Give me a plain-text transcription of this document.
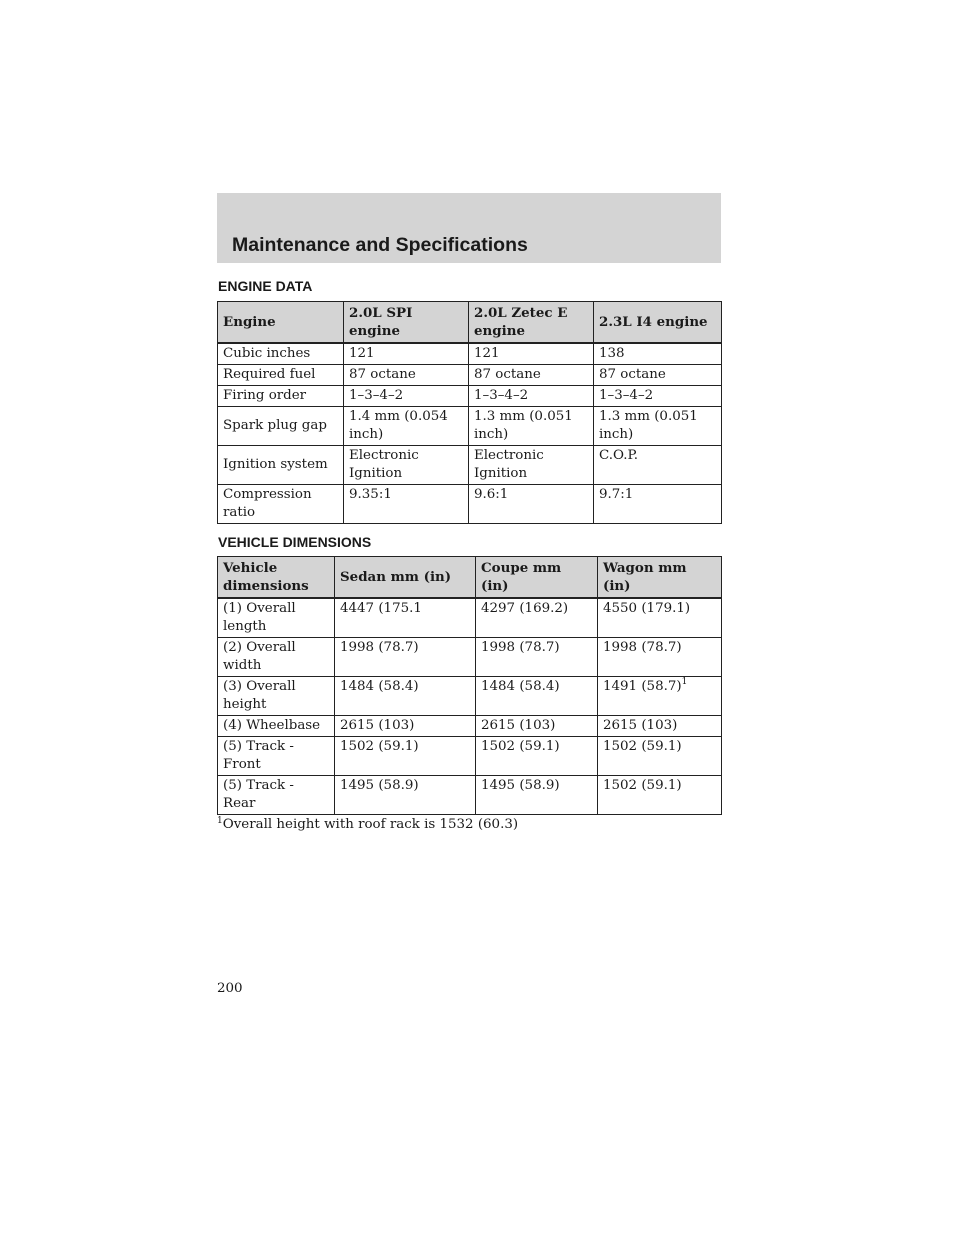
Maintenance and Specifications
ENGINE DATA
Engine	2.0L SPI engine	2.0L Zetec E engine	2.3L I4 engine
Cubic inches	121	121	138
Required fuel	87 octane	87 octane	87 octane
Firing order	1–3–4–2	1–3–4–2	1–3–4–2
Spark plug gap	1.4 mm (0.054 inch)	1.3 mm (0.051 inch)	1.3 mm (0.051 inch)
Ignition system	Electronic Ignition	Electronic Ignition	C.O.P.
Compression ratio	9.35:1	9.6:1	9.7:1
VEHICLE DIMENSIONS
Vehicle dimensions	Sedan mm (in)	Coupe mm (in)	Wagon mm (in)
(1) Overall length	4447 (175.1	4297 (169.2)	4550 (179.1)
(2) Overall width	1998 (78.7)	1998 (78.7)	1998 (78.7)
(3) Overall height	1484 (58.4)	1484 (58.4)	1491 (58.7)$^1$
(4) Wheelbase	2615 (103)	2615 (103)	2615 (103)
(5) Track - Front	1502 (59.1)	1502 (59.1)	1502 (59.1)
(5) Track - Rear	1495 (58.9)	1495 (58.9)	1502 (59.1)

$^1$Overall height with roof rack is 1532 (60.3)

200
